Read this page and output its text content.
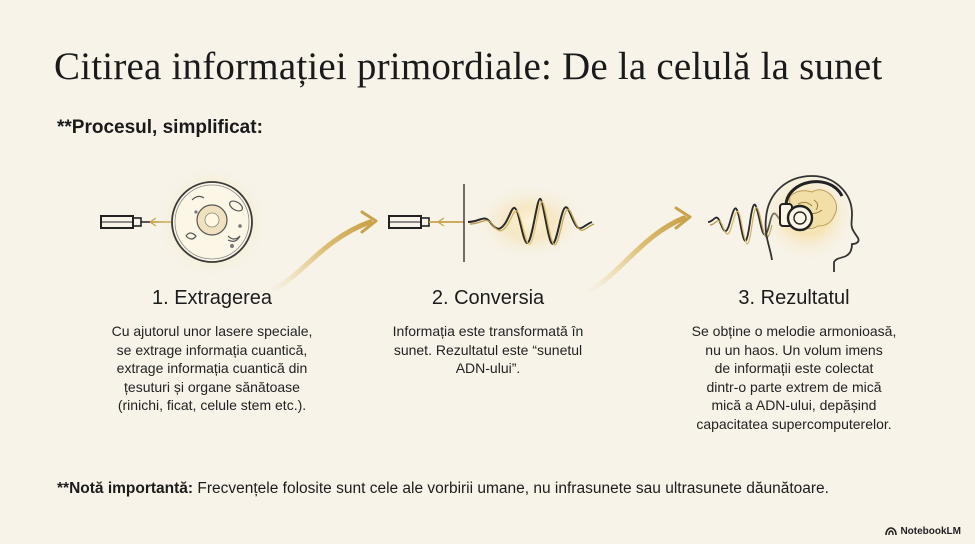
Citirea informației primordiale: De la celulă la sunet
**Procesul, simplificat:
1. Extragerea	2. Conversia	3. Rezultatul
Cu ajutorul unor lasere speciale,
se extrage informația cuantică,
extrage informația cuantică din
țesuturi și organe sănătoase
(rinichi, ficat, celule stem etc.).
Informația este transformată în
sunet. Rezultatul este “sunetul
ADN-ului”.
Se obține o melodie armonioasă,
nu un haos. Un volum imens
de informații este colectat
dintr-o parte extrem de mică
mică a ADN-ului, depășind
capacitatea supercomputerelor.
**Notă importantă: Frecvențele folosite sunt cele ale vorbirii umane, nu infrasunete sau ultrasunete dăunătoare.
NotebookLM
